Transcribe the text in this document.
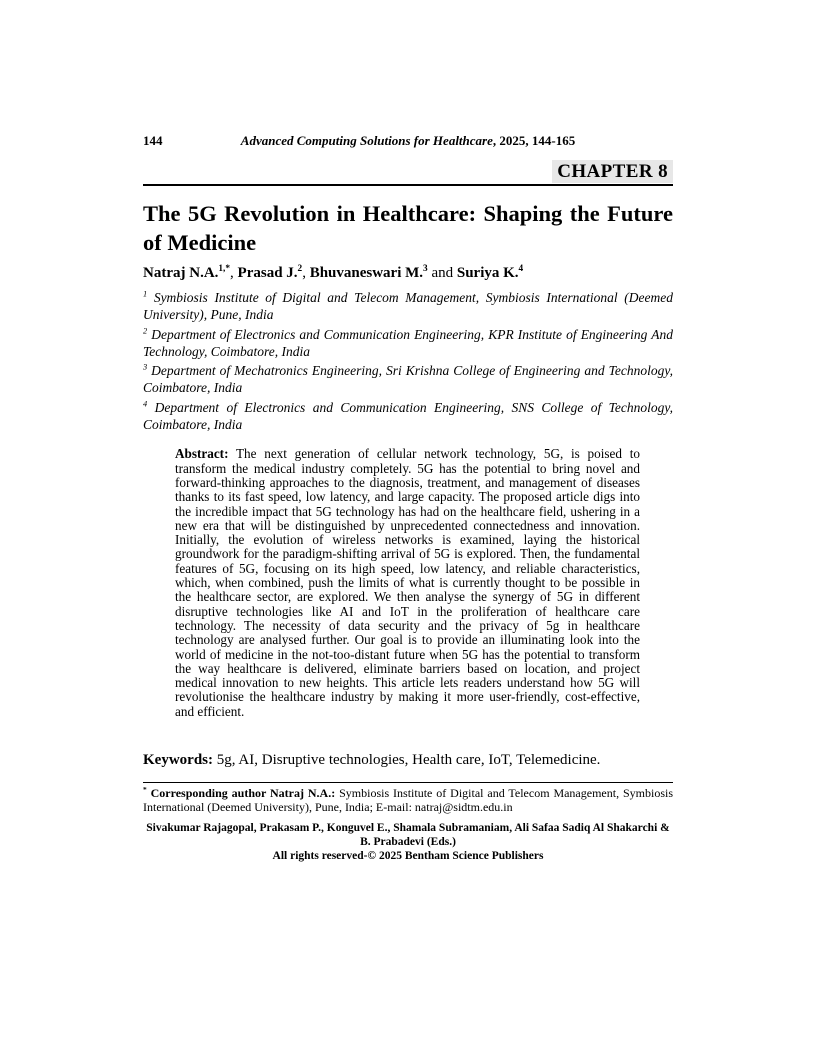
144	Advanced Computing Solutions for Healthcare, 2025, 144-165
CHAPTER 8
The 5G Revolution in Healthcare: Shaping the Future of Medicine

Natraj N.A.$^{1,*}$, Prasad J.$^2$, Bhuvaneswari M.$^3$ and Suriya K.$^4$

$^1$ Symbiosis Institute of Digital and Telecom Management, Symbiosis International (Deemed University), Pune, India

$^2$ Department of Electronics and Communication Engineering, KPR Institute of Engineering And Technology, Coimbatore, India

$^3$ Department of Mechatronics Engineering, Sri Krishna College of Engineering and Technology, Coimbatore, India

$^4$ Department of Electronics and Communication Engineering, SNS College of Technology, Coimbatore, India

Abstract: The next generation of cellular network technology, 5G, is poised to transform the medical industry completely. 5G has the potential to bring novel and forward-thinking approaches to the diagnosis, treatment, and management of diseases thanks to its fast speed, low latency, and large capacity. The proposed article digs into the incredible impact that 5G technology has had on the healthcare field, ushering in a new era that will be distinguished by unprecedented connectedness and innovation. Initially, the evolution of wireless networks is examined, laying the historical groundwork for the paradigm-shifting arrival of 5G is explored. Then, the fundamental features of 5G, focusing on its high speed, low latency, and reliable characteristics, which, when combined, push the limits of what is currently thought to be possible in the healthcare sector, are explored. We then analyse the synergy of 5G in different disruptive technologies like AI and IoT in the proliferation of healthcare care technology. The necessity of data security and the privacy of 5g in healthcare technology are analysed further. Our goal is to provide an illuminating look into the world of medicine in the not-too-distant future when 5G has the potential to transform the way healthcare is delivered, eliminate barriers based on location, and project medical innovation to new heights. This article lets readers understand how 5G will revolutionise the healthcare industry by making it more user-friendly, cost-effective, and efficient.

Keywords: 5g, AI, Disruptive technologies, Health care, IoT, Telemedicine.

* Corresponding author Natraj N.A.: Symbiosis Institute of Digital and Telecom Management, Symbiosis International (Deemed University), Pune, India; E-mail: natraj@sidtm.edu.in

Sivakumar Rajagopal, Prakasam P., Konguvel E., Shamala Subramaniam, Ali Safaa Sadiq Al Shakarchi & B. Prabadevi (Eds.)

All rights reserved-© 2025 Bentham Science Publishers
